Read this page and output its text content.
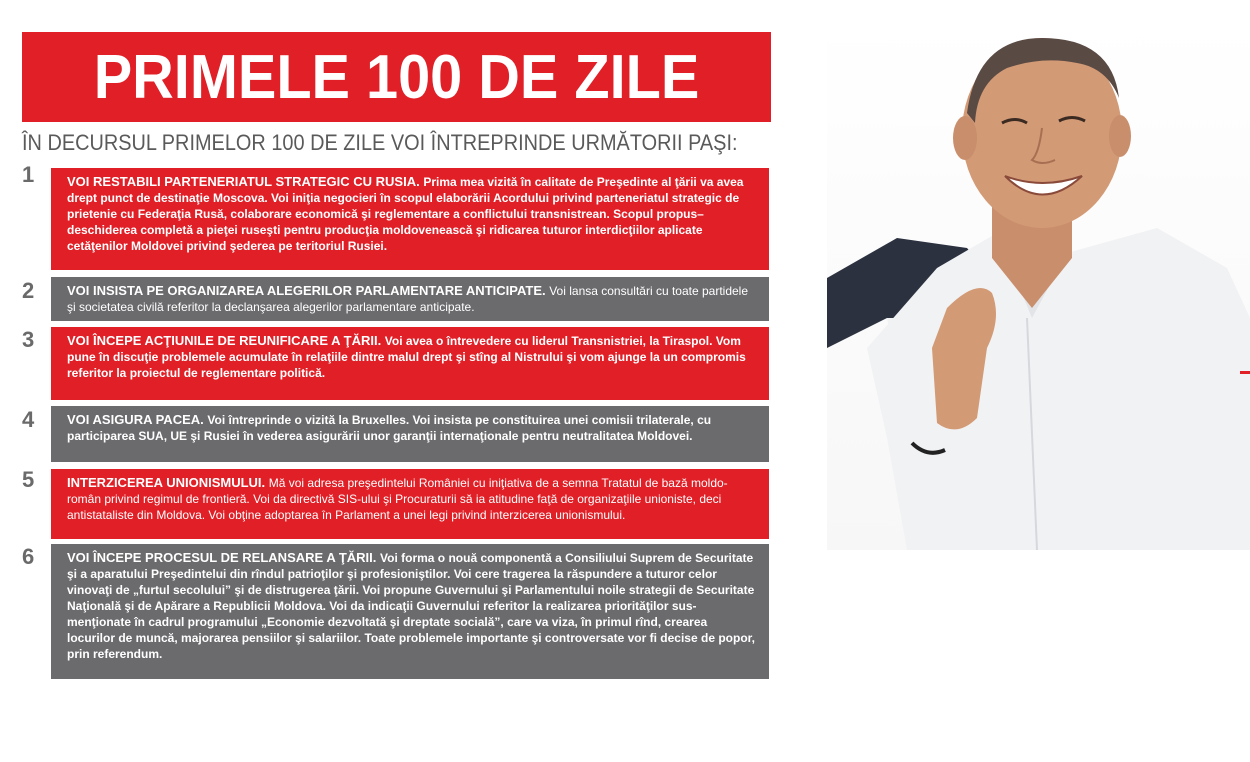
PRIMELE 100 DE ZILE
ÎN DECURSUL PRIMELOR 100 DE ZILE VOI ÎNTREPRINDE URMĂTORII PAŞI:
1	VOI RESTABILI PARTENERIATUL STRATEGIC CU RUSIA. Prima mea vizită în calitate de Preşedinte al ţării va avea drept punct de destinaţie Moscova. Voi iniţia negocieri în scopul elaborării Acordului privind parteneriatul strategic de prietenie cu Federaţia Rusă, colaborare economică şi reglementare a conflictului transnistrean. Scopul propus– deschiderea completă a pieţei ruseşti pentru producţia moldovenească şi ridicarea tuturor interdicţiilor aplicate cetăţenilor Moldovei privind şederea pe teritoriul Rusiei.
2	VOI INSISTA PE ORGANIZAREA ALEGERILOR PARLAMENTARE ANTICIPATE. Voi lansa consultări cu toate partidele şi societatea civilă referitor la declanşarea alegerilor parlamentare anticipate.
3	VOI ÎNCEPE ACŢIUNILE DE REUNIFICARE A ŢĂRII. Voi avea o întrevedere cu liderul Transnistriei, la Tiraspol. Vom pune în discuţie problemele acumulate în relaţiile dintre malul drept şi stîng al Nistrului şi vom ajunge la un compromis referitor la proiectul de reglementare politică.
4	VOI ASIGURA PACEA. Voi întreprinde o vizită la Bruxelles. Voi insista pe constituirea unei comisii trilaterale, cu participarea SUA, UE şi Rusiei în vederea asigurării unor garanţii internaţionale pentru neutralitatea Moldovei.
5	INTERZICEREA UNIONISMULUI. Mă voi adresa preşedintelui României cu iniţiativa de a semna Tratatul de bază moldo-român privind regimul de frontieră. Voi da directivă SIS-ului şi Procuraturii să ia atitudine faţă de organizaţiile unioniste, deci antistataliste din Moldova. Voi obţine adoptarea în Parlament a unei legi privind interzicerea unionismului.
6	VOI ÎNCEPE PROCESUL DE RELANSARE A ŢĂRII. Voi forma o nouă componentă a Consiliului Suprem de Securitate şi a aparatului Preşedintelui din rîndul patrioţilor şi profesioniştilor. Voi cere tragerea la răspundere a tuturor celor vinovaţi de „furtul secolului” şi de distrugerea ţării. Voi propune Guvernului şi Parlamentului noile strategii de Securitate Naţională şi de Apărare a Republicii Moldova. Voi da indicaţii Guvernului referitor la realizarea priorităţilor sus-menţionate în cadrul programului „Economie dezvoltată şi dreptate socială”, care va viza, în primul rînd, crearea locurilor de muncă, majorarea pensiilor şi salariilor. Toate problemele importante şi controversate vor fi decise de popor, prin referendum.
